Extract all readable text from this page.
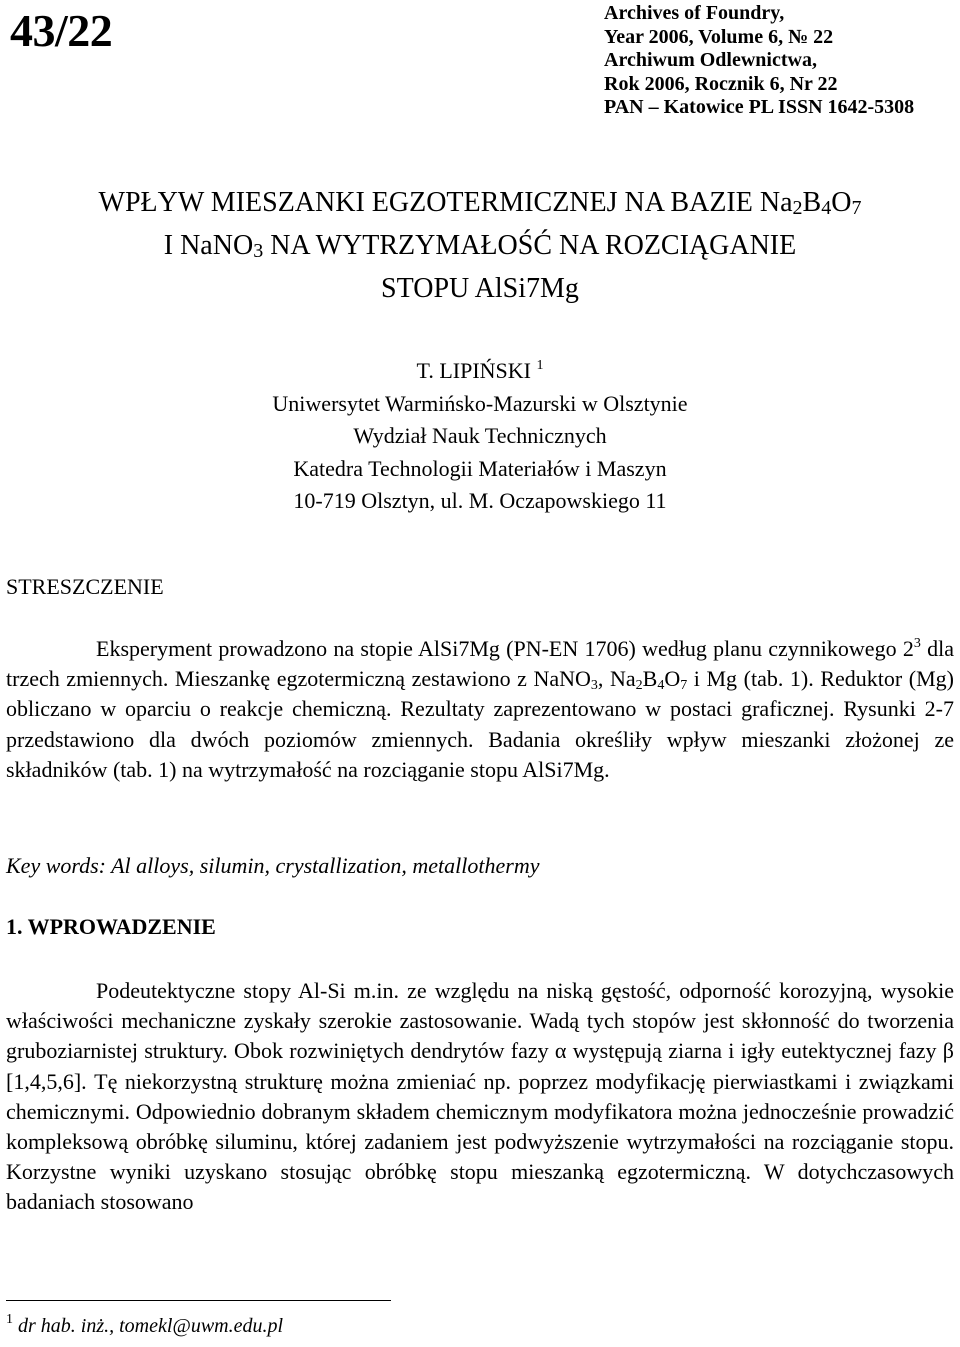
43/22	Archives of Foundry,
Year 2006, Volume 6, № 22
Archiwum Odlewnictwa,
Rok 2006, Rocznik 6, Nr 22
PAN – Katowice PL ISSN 1642-5308
WPŁYW MIESZANKI EGZOTERMICZNEJ NA BAZIE $Na_2B_4O_7$
I NaNO$_3$ NA WYTRZYMAŁOŚĆ NA ROZCIĄGANIE
STOPU AlSi7Mg
T. LIPIŃSKI $^1$
Uniwersytet Warmińsko-Mazurski w Olsztynie
Wydział Nauk Technicznych
Katedra Technologii Materiałów i Maszyn
10-719 Olsztyn, ul. M. Oczapowskiego 11
STRESZCZENIE
Eksperyment prowadzono na stopie AlSi7Mg (PN-EN 1706) według planu czynnikowego $2^3$ dla trzech zmiennych. Mieszankę egzotermiczną zestawiono z NaNO$_3$, $Na_2B_4O_7$ i Mg (tab. 1). Reduktor (Mg) obliczano w oparciu o reakcje chemiczną. Rezultaty zaprezentowano w postaci graficznej. Rysunki 2-7 przedstawiono dla dwóch poziomów zmiennych. Badania określiły wpływ mieszanki złożonej ze składników (tab. 1) na wytrzymałość na rozciąganie stopu AlSi7Mg.
Key words: Al alloys, silumin, crystallization, metallothermy
1. WPROWADZENIE
Podeutektyczne stopy Al-Si m.in. ze względu na niską gęstość, odporność korozyjną, wysokie właściwości mechaniczne zyskały szerokie zastosowanie. Wadą tych stopów jest skłonność do tworzenia gruboziarnistej struktury. Obok rozwiniętych dendrytów fazy α występują ziarna i igły eutektycznej fazy β [1,4,5,6]. Tę niekorzystną strukturę można zmieniać np. poprzez modyfikację pierwiastkami i związkami chemicznymi. Odpowiednio dobranym składem chemicznym modyfikatora można jednocześnie prowadzić kompleksową obróbkę siluminu, której zadaniem jest podwyższenie wytrzymałości na rozciąganie stopu. Korzystne wyniki uzyskano stosując obróbkę stopu mieszanką egzotermiczną. W dotychczasowych badaniach stosowano
$^1$ dr hab. inż., tomekl@uwm.edu.pl
